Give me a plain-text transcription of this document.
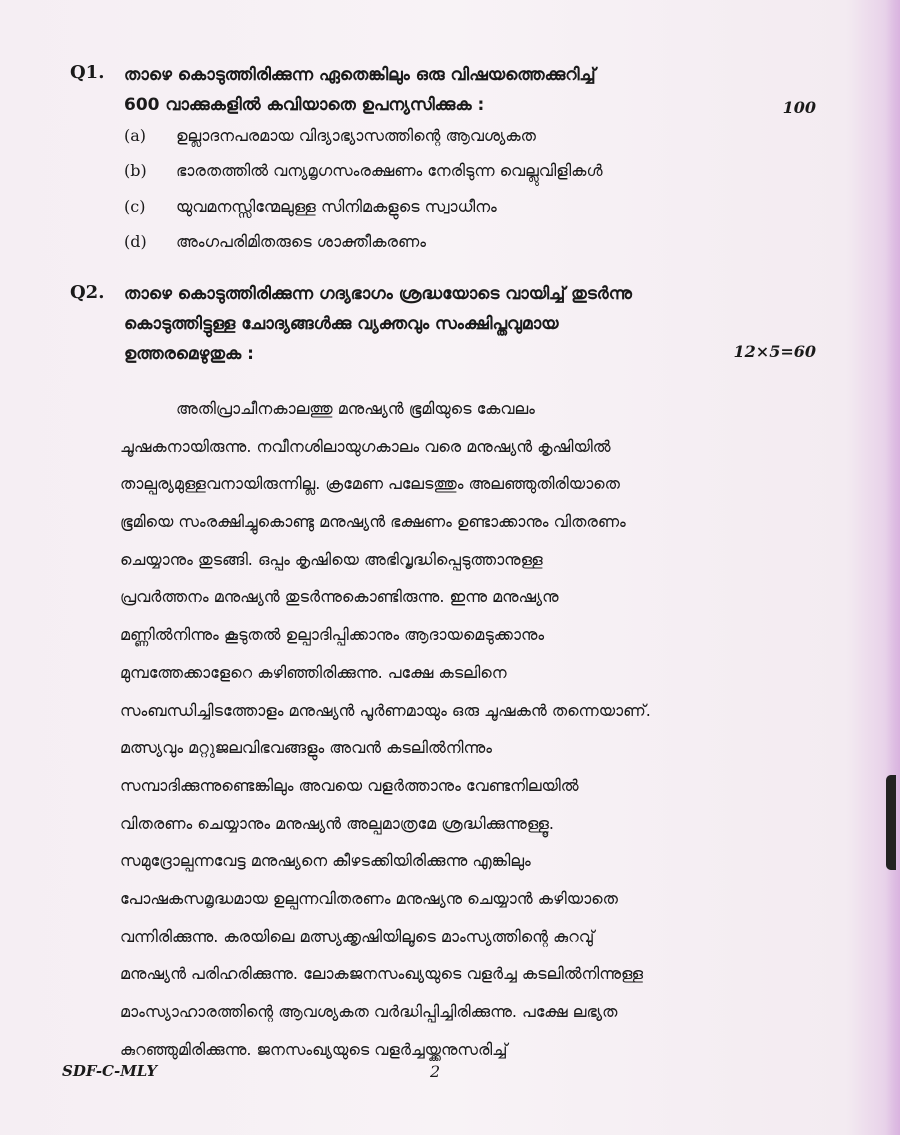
Q1. താഴെ കൊടുത്തിരിക്കുന്ന ഏതെങ്കിലും ഒരു വിഷയത്തെക്കുറിച്ച്
600 വാക്കുകളിൽ കവിയാതെ ഉപന്യസിക്കുക :	100
(a) ഉല്ലാദനപരമായ വിദ്യാഭ്യാസത്തിന്റെ ആവശ്യകത
(b) ഭാരതത്തിൽ വന്യമൃഗസംരക്ഷണം നേരിടുന്ന വെല്ലുവിളികൾ
(c) യുവമനസ്സിന്മേലുള്ള സിനിമകളുടെ സ്വാധീനം
(d) അംഗപരിമിതരുടെ ശാക്തീകരണം
Q2. താഴെ കൊടുത്തിരിക്കുന്ന ഗദ്യഭാഗം ശ്രദ്ധയോടെ വായിച്ച് തുടർന്നു
കൊടുത്തിട്ടുള്ള ചോദ്യങ്ങൾക്കു വ്യക്തവും സംക്ഷിപ്തവുമായ
ഉത്തരമെഴുതുക :	12×5=60
അതിപ്രാചീനകാലത്തു മനുഷ്യൻ ഭൂമിയുടെ കേവലം
ചൂഷകനായിരുന്നു. നവീനശിലായുഗകാലം വരെ മനുഷ്യൻ കൃഷിയിൽ
താല്പര്യമുള്ളവനായിരുന്നില്ല. ക്രമേണ പലേടത്തും അലഞ്ഞുതിരിയാതെ
ഭൂമിയെ സംരക്ഷിച്ചുകൊണ്ടു മനുഷ്യൻ ഭക്ഷണം ഉണ്ടാക്കാനും വിതരണം
ചെയ്യാനും തുടങ്ങി. ഒപ്പം കൃഷിയെ അഭിവൃദ്ധിപ്പെടുത്താനുള്ള
പ്രവർത്തനം മനുഷ്യൻ തുടർന്നുകൊണ്ടിരുന്നു. ഇന്നു മനുഷ്യനു
മണ്ണിൽനിന്നും കൂടുതൽ ഉല്പാദിപ്പിക്കാനും ആദായമെടുക്കാനും
മുമ്പത്തേക്കാളേറെ കഴിഞ്ഞിരിക്കുന്നു. പക്ഷേ കടലിനെ
സംബന്ധിച്ചിടത്തോളം മനുഷ്യൻ പൂർണമായും ഒരു ചൂഷകൻ തന്നെയാണ്.
മത്സ്യവും മറ്റുജലവിഭവങ്ങളും അവൻ കടലിൽനിന്നും
സമ്പാദിക്കുന്നുണ്ടെങ്കിലും അവയെ വളർത്താനും വേണ്ടനിലയിൽ
വിതരണം ചെയ്യാനും മനുഷ്യൻ അല്പമാത്രമേ ശ്രദ്ധിക്കുന്നുള്ളൂ.
സമുദ്രോല്പന്നവേട്ട മനുഷ്യനെ കീഴടക്കിയിരിക്കുന്നു എങ്കിലും
പോഷകസമൃദ്ധമായ ഉല്പന്നവിതരണം മനുഷ്യനു ചെയ്യാൻ കഴിയാതെ
വന്നിരിക്കുന്നു. കരയിലെ മത്സ്യക്കൃഷിയിലൂടെ മാംസ്യത്തിന്റെ കുറവു്
മനുഷ്യൻ പരിഹരിക്കുന്നു. ലോകജനസംഖ്യയുടെ വളർച്ച കടലിൽനിന്നുള്ള
മാംസ്യാഹാരത്തിന്റെ ആവശ്യകത വർദ്ധിപ്പിച്ചിരിക്കുന്നു. പക്ഷേ ലഭ്യത
കുറഞ്ഞുമിരിക്കുന്നു. ജനസംഖ്യയുടെ വളർച്ചയ്ക്കനുസരിച്ച്
SDF-C-MLY	2
